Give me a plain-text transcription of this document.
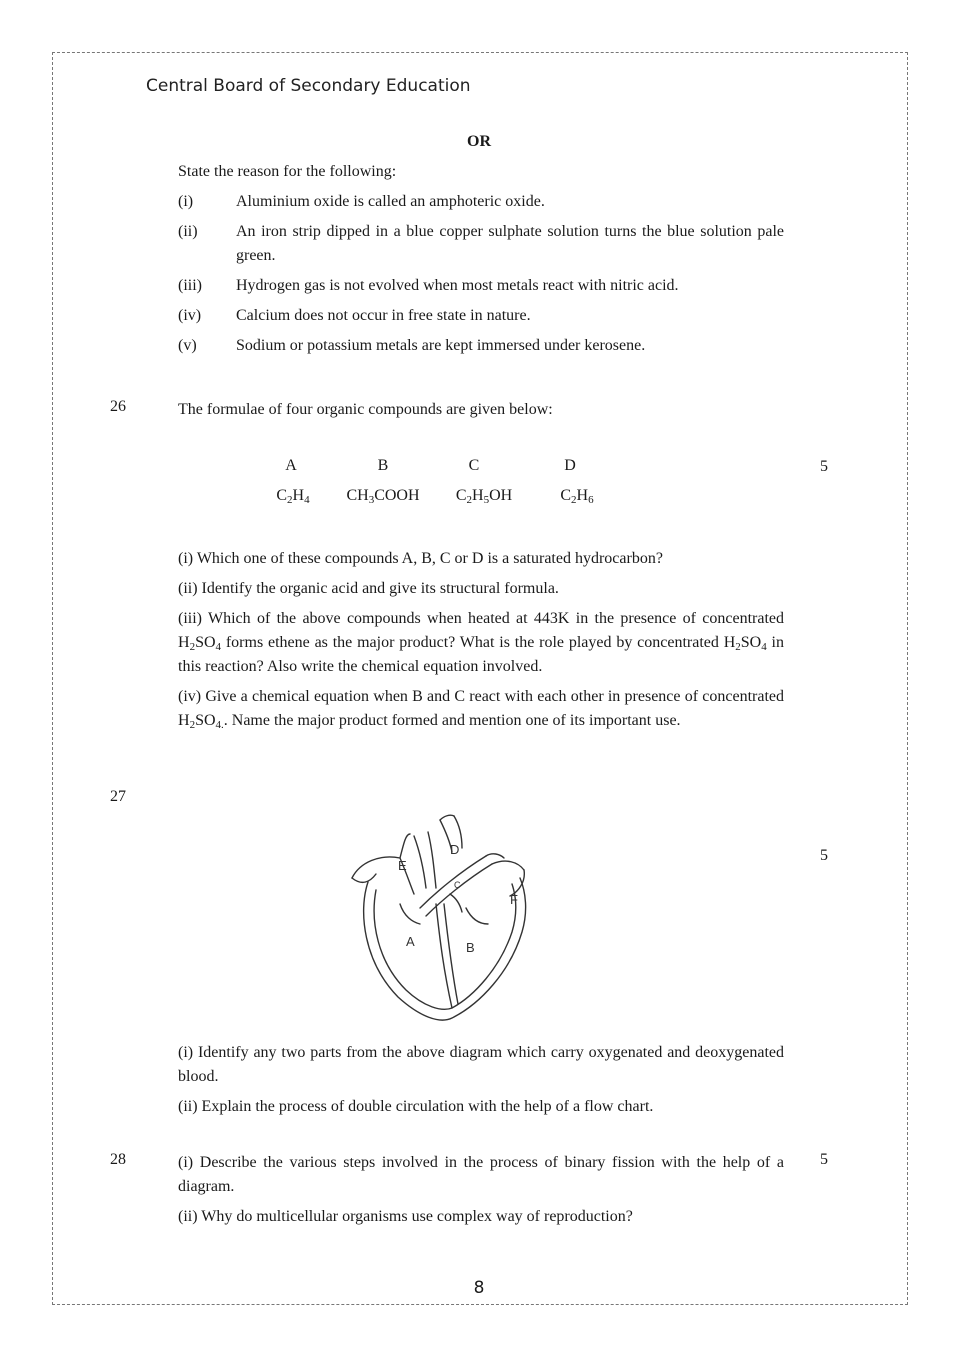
Central Board of Secondary Education
OR
State the reason for the following:
(i)	Aluminium oxide is called an amphoteric oxide.
(ii)	An iron strip dipped in a blue copper sulphate solution turns the blue solution pale green.
(iii)	Hydrogen gas is not evolved when most metals react with nitric acid.
(iv)	Calcium does not occur in free state in nature.
(v)	Sodium or potassium metals are kept immersed under kerosene.
26	The formulae of four organic compounds are given below:
5
A	B	C	D
$C_2H_4$	$CH_3COOH$	$C_2H_5OH$	$C_2H_6$

(i) Which one of these compounds A, B, C or D is a saturated hydrocarbon?

(ii) Identify the organic acid and give its structural formula.

(iii) Which of the above compounds when heated at 443K in the presence of concentrated $H_2SO_4$ forms ethene as the major product? What is the role played by concentrated $H_2SO_4$ in this reaction? Also write the chemical equation involved.

(iv) Give a chemical equation when B and C react with each other in presence of concentrated $H_2SO_{4.}$. Name the major product formed and mention one of its important use.

27
5
E
D
C
F
A	B

(i) Identify any two parts from the above diagram which carry oxygenated and deoxygenated blood.

(ii) Explain the process of double circulation with the help of a flow chart.

28	5

(i) Describe the various steps involved in the process of binary fission with the help of a diagram.

(ii) Why do multicellular organisms use complex way of reproduction?

8
